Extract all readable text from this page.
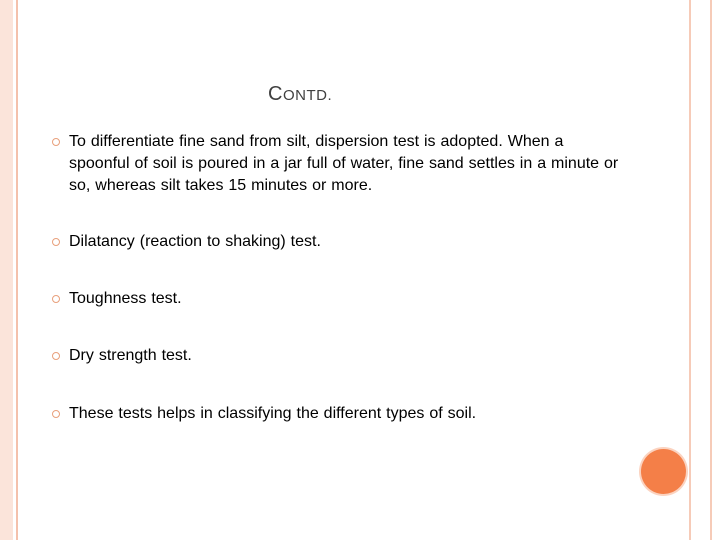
CONTD.
To differentiate fine sand from silt, dispersion test is adopted. When a spoonful of soil is poured in a jar full of water, fine sand settles in a minute or so, whereas silt takes 15 minutes or more.
Dilatancy (reaction to shaking) test.
Toughness test.
Dry strength test.
These tests helps in classifying the different types of soil.
